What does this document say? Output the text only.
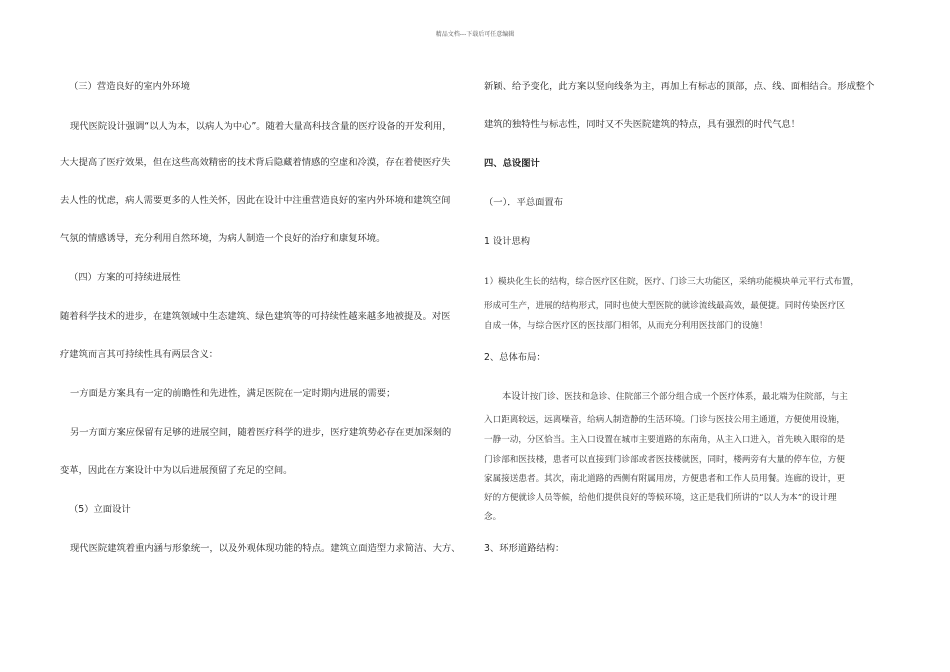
精品文档---下载后可任意编辑
（三）营造良好的室内外环境
现代医院设计强调“以人为本，以病人为中心”。随着大量高科技含量的医疗设备的开发利用，
大大提高了医疗效果，但在这些高效精密的技术背后隐藏着情感的空虚和冷漠，存在着使医疗失
去人性的忧虑，病人需要更多的人性关怀，因此在设计中注重营造良好的室内外环境和建筑空间
气氛的情感诱导，充分利用自然环境，为病人制造一个良好的治疗和康复环境。
（四）方案的可持续进展性
随着科学技术的进步，在建筑领域中生态建筑、绿色建筑等的可持续性越来越多地被提及。对医
疗建筑而言其可持续性具有两层含义：
一方面是方案具有一定的前瞻性和先进性，满足医院在一定时期内进展的需要；
另一方面方案应保留有足够的进展空间，随着医疗科学的进步，医疗建筑势必存在更加深刻的
变革，因此在方案设计中为以后进展预留了充足的空间。
（5）立面设计
现代医院建筑着重内涵与形象统一，以及外观体现功能的特点。建筑立面造型力求简洁、大方、
新颖、给予变化，此方案以竖向线条为主，再加上有标志的顶部，点、线、面相结合。形成整个
建筑的独特性与标志性，同时又不失医院建筑的特点，具有强烈的时代气息！
四、总设图计
（一）．平总面置布
1 设计思构
1）模块化生长的结构，综合医疗区住院，医疗、门诊三大功能区，采纳功能模块单元平行式布置，
形成可生产，进展的结构形式，同时也使大型医院的就诊流线最高效，最便捷。同时传染医疗区
自成一体，与综合医疗区的医技部门相邻，从而充分利用医技部门的设施！
2、总体布局：
本设计按门诊、医技和急诊、住院部三个部分组合成一个医疗体系，最北端为住院部，与主
入口距离较远，远离噪音，给病人制造静的生活环境。门诊与医技公用主通道，方便使用设施，
一静一动，分区恰当。主入口设置在城市主要道路的东南角，从主入口进入，首先映入眼帘的是
门诊部和医技楼，患者可以直接到门诊部或者医技楼就医，同时，楼两旁有大量的停车位，方便
家属接送患者。其次，南北道路的西侧有附属用房，方便患者和工作人员用餐。连廊的设计，更
好的方便就诊人员等候，给他们提供良好的等候环境，这正是我们所讲的“以人为本”的设计理
念。
3、环形道路结构：
